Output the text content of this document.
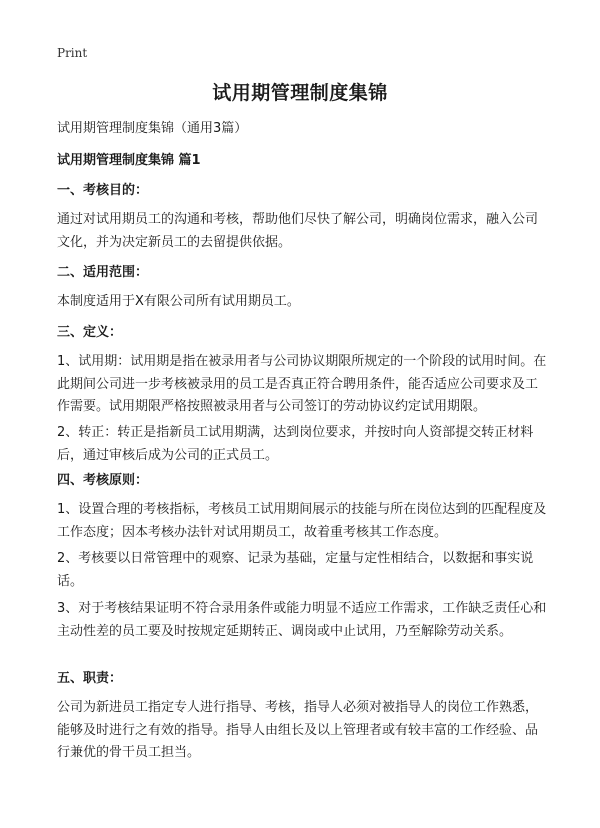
Print
试用期管理制度集锦
试用期管理制度集锦（通用3篇）
试用期管理制度集锦 篇1
一、考核目的：
通过对试用期员工的沟通和考核，帮助他们尽快了解公司，明确岗位需求，融入公司文化，并为决定新员工的去留提供依据。
二、适用范围：
本制度适用于X有限公司所有试用期员工。
三、定义：
1、试用期：试用期是指在被录用者与公司协议期限所规定的一个阶段的试用时间。在此期间公司进一步考核被录用的员工是否真正符合聘用条件，能否适应公司要求及工作需要。试用期限严格按照被录用者与公司签订的劳动协议约定试用期限。
2、转正：转正是指新员工试用期满，达到岗位要求，并按时向人资部提交转正材料后，通过审核后成为公司的正式员工。
四、考核原则：
1、设置合理的考核指标，考核员工试用期间展示的技能与所在岗位达到的匹配程度及工作态度；因本考核办法针对试用期员工，故着重考核其工作态度。
2、考核要以日常管理中的观察、记录为基础，定量与定性相结合，以数据和事实说话。
3、对于考核结果证明不符合录用条件或能力明显不适应工作需求，工作缺乏责任心和主动性差的员工要及时按规定延期转正、调岗或中止试用，乃至解除劳动关系。
五、职责：
公司为新进员工指定专人进行指导、考核，指导人必须对被指导人的岗位工作熟悉，能够及时进行之有效的指导。指导人由组长及以上管理者或有较丰富的工作经验、品行兼优的骨干员工担当。
